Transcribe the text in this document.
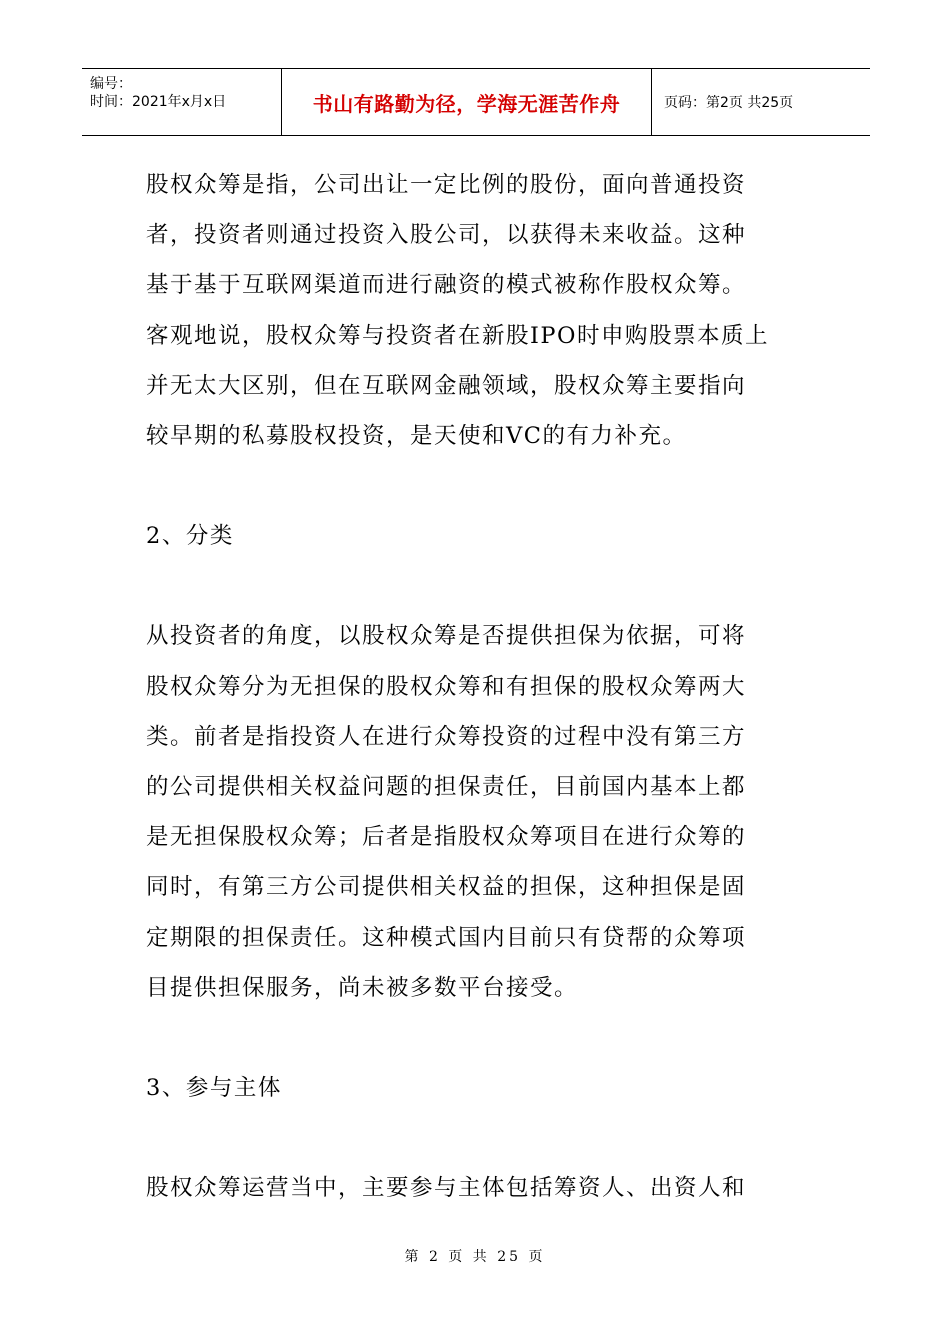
编号：
时间：2021年x月x日	书山有路勤为径，学海无涯苦作舟	页码：第2页 共25页

股权众筹是指，公司出让一定比例的股份，面向普通投资
者，投资者则通过投资入股公司，以获得未来收益。这种
基于基于互联网渠道而进行融资的模式被称作股权众筹。
客观地说，股权众筹与投资者在新股IPO时申购股票本质上
并无太大区别，但在互联网金融领域，股权众筹主要指向
较早期的私募股权投资，是天使和VC的有力补充。

2、分类

从投资者的角度，以股权众筹是否提供担保为依据，可将
股权众筹分为无担保的股权众筹和有担保的股权众筹两大
类。前者是指投资人在进行众筹投资的过程中没有第三方
的公司提供相关权益问题的担保责任，目前国内基本上都
是无担保股权众筹；后者是指股权众筹项目在进行众筹的
同时，有第三方公司提供相关权益的担保，这种担保是固
定期限的担保责任。这种模式国内目前只有贷帮的众筹项
目提供担保服务，尚未被多数平台接受。

3、参与主体

股权众筹运营当中，主要参与主体包括筹资人、出资人和

第 2 页 共 25 页
